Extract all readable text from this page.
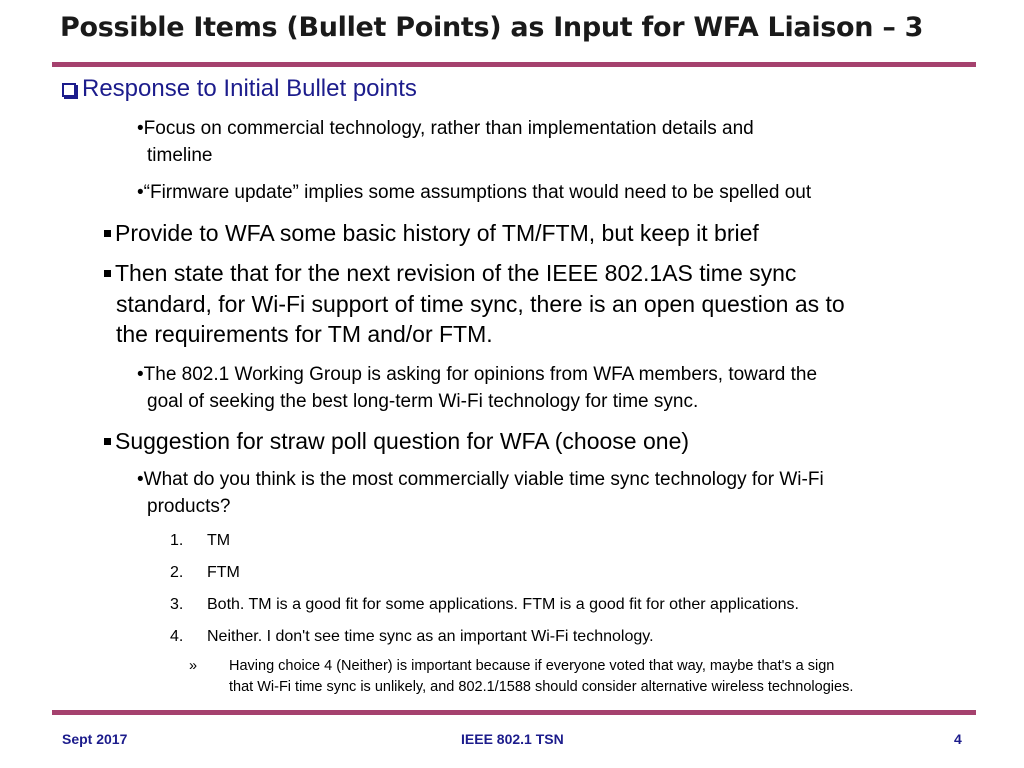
Possible Items (Bullet Points) as Input for WFA Liaison – 3
Response to Initial Bullet points
•Focus on commercial technology, rather than implementation details and
timeline
•“Firmware update” implies some assumptions that would need to be spelled out
Provide to WFA some basic history of TM/FTM, but keep it brief
Then state that for the next revision of the IEEE 802.1AS time sync
standard, for Wi-Fi support of time sync, there is an open question as to
the requirements for TM and/or FTM.
•The 802.1 Working Group is asking for opinions from WFA members, toward the
goal of seeking the best long-term Wi-Fi technology for time sync.
Suggestion for straw poll question for WFA (choose one)
•What do you think is the most commercially viable time sync technology for Wi-Fi
products?
1. TM
2. FTM
3. Both. TM is a good fit for some applications. FTM is a good fit for other applications.
4. Neither. I don't see time sync as an important Wi-Fi technology.
» Having choice 4 (Neither) is important because if everyone voted that way, maybe that's a sign
that Wi-Fi time sync is unlikely, and 802.1/1588 should consider alternative wireless technologies.
Sept 2017	IEEE 802.1 TSN	4
